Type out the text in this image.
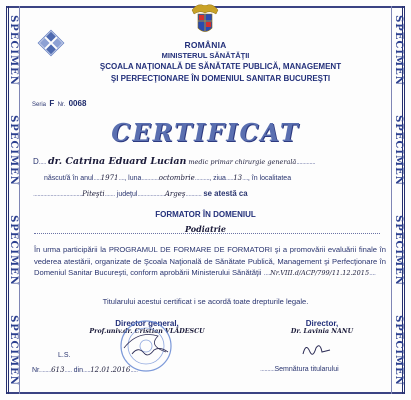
SPECIMEN
SPECIMEN
SPECIMEN
SPECIMEN
SPECIMEN
SPECIMEN
SPECIMEN
SPECIMEN
ROMÂNIA
MINISTERUL SĂNĂTĂŢII
ŞCOALA NAŢIONALĂ DE SĂNĂTATE PUBLICĂ, MANAGEMENT
ŞI PERFECŢIONARE ÎN DOMENIUL SANITAR BUCUREŞTI
Seria F Nr. 0068
CERTIFICAT
D..... dr. Catrina Eduard Lucian medic primar chirurgie generală.............
născut/ă în anul.....1971...., luna............octombrie.........., ziua.....13...., în localitatea
..................................Piteşti....... judeţul...................Argeş........... se atestă ca
FORMATOR ÎN DOMENIUL
Podiatrie
În urma participării la PROGRAMUL DE FORMARE DE FORMATORI şi a promovării evaluării finale în vederea atestării, organizate de Şcoala Naţională de Sănătate Publică, Management şi Perfecţionare în Domeniul Sanitar Bucureşti, conform aprobării Ministerului Sănătăţii ....Nr.VIII.d/ACP/799/11.12.2015....
Titularului acestui certificat i se acordă toate drepturile legale.
Director general,
Prof.univ.dr. Cristian VLĂDESCU
Director,
Dr. Lavinia NANU
L.S.
Nr........613..... din.....12.01.2016.....	..........Semnătura titularului
